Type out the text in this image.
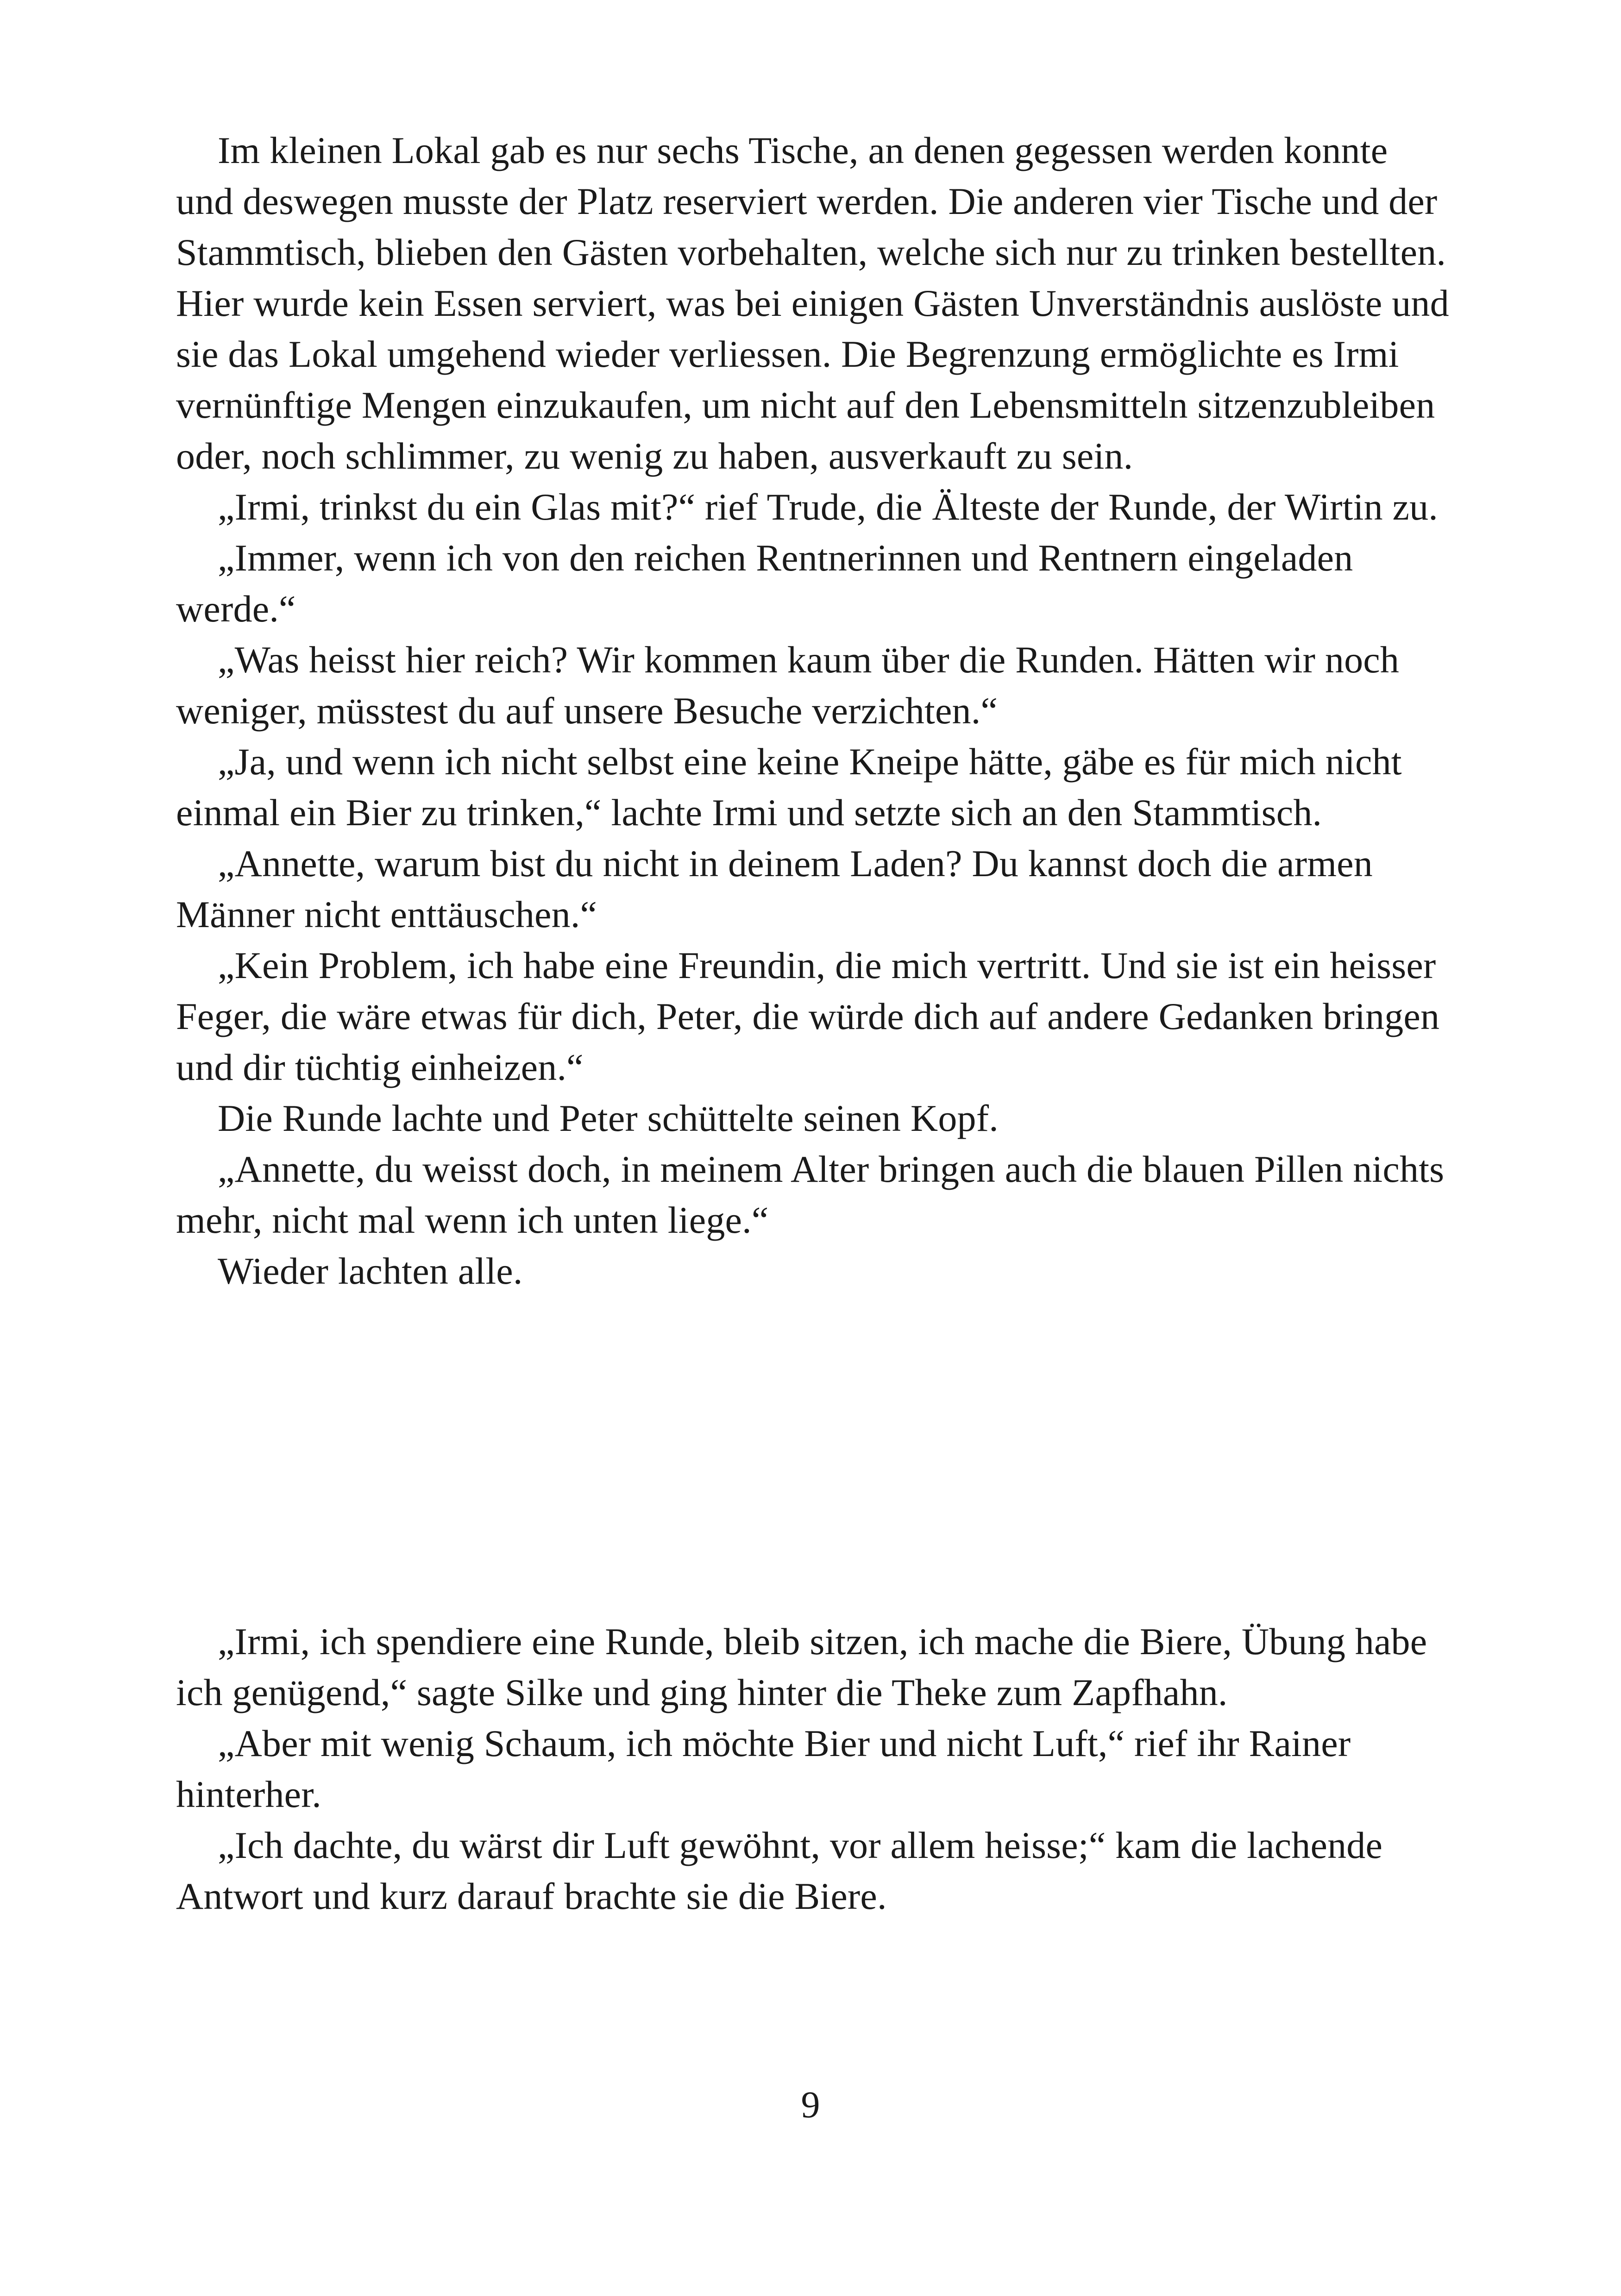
Im kleinen Lokal gab es nur sechs Tische, an denen gegessen werden konnte und deswegen musste der Platz reserviert werden. Die anderen vier Tische und der Stammtisch, blieben den Gästen vorbehalten, welche sich nur zu trinken bestellten. Hier wurde kein Essen serviert, was bei einigen Gästen Unverständnis auslöste und sie das Lokal umgehend wieder verliessen. Die Begrenzung ermöglichte es Irmi vernünftige Mengen einzukaufen, um nicht auf den Lebensmitteln sitzenzubleiben oder, noch schlimmer, zu wenig zu haben, ausverkauft zu sein.

„Irmi, trinkst du ein Glas mit?“ rief Trude, die Älteste der Runde, der Wirtin zu.

„Immer, wenn ich von den reichen Rentnerinnen und Rentnern eingeladen werde.“

„Was heisst hier reich? Wir kommen kaum über die Runden. Hätten wir noch weniger, müsstest du auf unsere Besuche verzichten.“

„Ja, und wenn ich nicht selbst eine keine Kneipe hätte, gäbe es für mich nicht einmal ein Bier zu trinken,“ lachte Irmi und setzte sich an den Stammtisch.

„Annette, warum bist du nicht in deinem Laden? Du kannst doch die armen Männer nicht enttäuschen.“

„Kein Problem, ich habe eine Freundin, die mich vertritt. Und sie ist ein heisser Feger, die wäre etwas für dich, Peter, die würde dich auf andere Gedanken bringen und dir tüchtig einheizen.“

Die Runde lachte und Peter schüttelte seinen Kopf.

„Annette, du weisst doch, in meinem Alter bringen auch die blauen Pillen nichts mehr, nicht mal wenn ich unten liege.“

Wieder lachten alle.

„Irmi, ich spendiere eine Runde, bleib sitzen, ich mache die Biere, Übung habe ich genügend,“ sagte Silke und ging hinter die Theke zum Zapfhahn.

„Aber mit wenig Schaum, ich möchte Bier und nicht Luft,“ rief ihr Rainer hinterher.

„Ich dachte, du wärst dir Luft gewöhnt, vor allem heisse;“ kam die lachende Antwort und kurz darauf brachte sie die Biere.

9
